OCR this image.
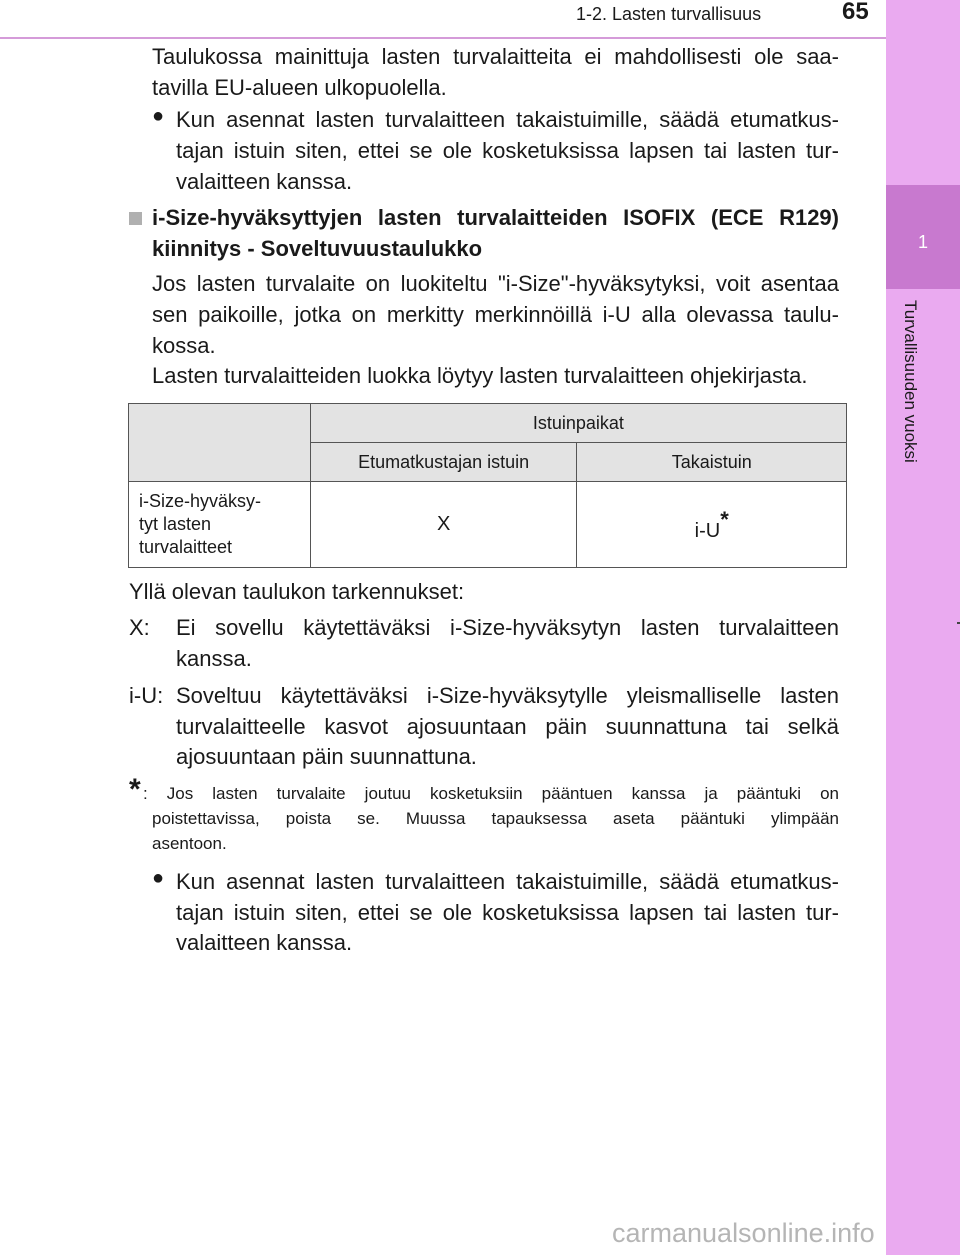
1-2. Lasten turvallisuus	65
1
Turvallisuuden vuoksi
Taulukossa mainittuja lasten turvalaitteita ei mahdollisesti ole saa-
tavilla EU-alueen ulkopuolella.
● Kun asennat lasten turvalaitteen takaistuimille, säädä etumatkus-
tajan istuin siten, ettei se ole kosketuksissa lapsen tai lasten tur-
valaitteen kanssa.
i-Size-hyväksyttyjen lasten turvalaitteiden ISOFIX (ECE R129)
kiinnitys - Soveltuvuustaulukko
Jos lasten turvalaite on luokiteltu "i-Size"-hyväksytyksi, voit asentaa
sen paikoille, jotka on merkitty merkinnöillä i-U alla olevassa taulu-
kossa.
Lasten turvalaitteiden luokka löytyy lasten turvalaitteen ohjekirjasta.
	Istuinpaikat	
	Etumatkustajan istuin	Takaistuin

i-Size-hyväksy-
tyt lasten
turvalaitteet	X	i-U*
Yllä olevan taulukon tarkennukset:
X: Ei sovellu käytettäväksi i-Size-hyväksytyn lasten turvalaitteen
kanssa.
i-U: Soveltuu käytettäväksi i-Size-hyväksytylle yleismalliselle lasten
turvalaitteelle kasvot ajosuuntaan päin suunnattuna tai selkä
ajosuuntaan päin suunnattuna.
* : Jos lasten turvalaite joutuu kosketuksiin pääntuen kanssa ja pääntuki on
poistettavissa, poista se. Muussa tapauksessa aseta pääntuki ylimpään
asentoon.
● Kun asennat lasten turvalaitteen takaistuimille, säädä etumatkus-
tajan istuin siten, ettei se ole kosketuksissa lapsen tai lasten tur-
valaitteen kanssa.
carmanualsonline.info
